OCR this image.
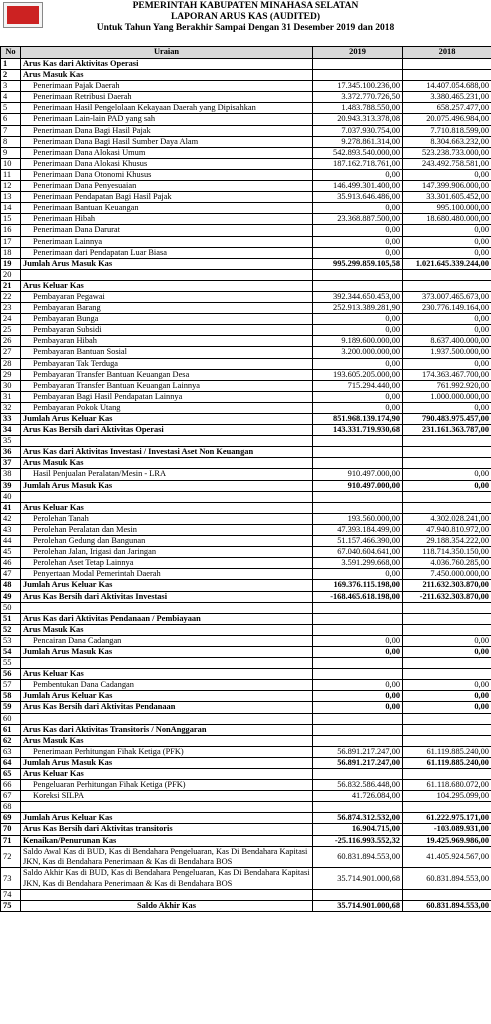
PEMERINTAH KABUPATEN MINAHASA SELATAN
LAPORAN ARUS KAS (AUDITED)
Untuk Tahun Yang Berakhir Sampai Dengan 31 Desember 2019 dan 2018
No	Uraian	2019	2018
1	Arus Kas dari Aktivitas Operasi		
2	Arus Masuk Kas		
3	Penerimaan Pajak Daerah	17.345.100.236,00	14.407.054.688,00
4	Penerimaan Retribusi Daerah	3.372.770.726,50	3.380.465.231,00
5	Penerimaan Hasil Pengelolaan Kekayaan Daerah yang Dipisahkan	1.483.788.550,00	658.257.477,00
6	Penerimaan Lain-lain PAD yang sah	20.943.313.378,08	20.075.496.984,00
7	Penerimaan Dana Bagi Hasil Pajak	7.037.930.754,00	7.710.818.599,00
8	Penerimaan Dana Bagi Hasil Sumber Daya Alam	9.278.861.314,00	8.304.663.232,00
9	Penerimaan Dana Alokasi Umum	542.893.540.000,00	523.238.733.000,00
10	Penerimaan Dana Alokasi Khusus	187.162.718.761,00	243.492.758.581,00
11	Penerimaan Dana Otonomi Khusus	0,00	0,00
12	Penerimaan Dana Penyesuaian	146.499.301.400,00	147.399.906.000,00
13	Penerimaan Pendapatan Bagi Hasil Pajak	35.913.646.486,00	33.301.605.452,00
14	Penerimaan Bantuan Keuangan	0,00	995.100.000,00
15	Penerimaan Hibah	23.368.887.500,00	18.680.480.000,00
16	Penerimaan Dana Darurat	0,00	0,00
17	Penerimaan Lainnya	0,00	0,00
18	Penerimaan dari Pendapatan Luar Biasa	0,00	0,00
19	Jumlah Arus Masuk Kas	995.299.859.105,58	1.021.645.339.244,00
20			
21	Arus Keluar Kas		
22	Pembayaran Pegawai	392.344.650.453,00	373.007.465.673,00
23	Pembayaran Barang	252.913.389.281,90	230.776.149.164,00
24	Pembayaran Bunga	0,00	0,00
25	Pembayaran Subsidi	0,00	0,00
26	Pembayaran Hibah	9.189.600.000,00	8.637.400.000,00
27	Pembayaran Bantuan Sosial	3.200.000.000,00	1.937.500.000,00
28	Pembayaran Tak Terduga	0,00	0,00
29	Pembayaran Transfer Bantuan Keuangan Desa	193.605.205.000,00	174.363.467.700,00
30	Pembayaran Transfer Bantuan Keuangan Lainnya	715.294.440,00	761.992.920,00
31	Pembayaran Bagi Hasil Pendapatan Lainnya	0,00	1.000.000.000,00
32	Pembayaran Pokok Utang	0,00	0,00
33	Jumlah Arus Keluar Kas	851.968.139.174,90	790.483.975.457,00
34	Arus Kas Bersih dari Aktivitas Operasi	143.331.719.930,68	231.161.363.787,00
35			
36	Arus Kas dari Aktivitas Investasi / Investasi Aset Non Keuangan		
37	Arus Masuk Kas		
38	Hasil Penjualan Peralatan/Mesin - LRA	910.497.000,00	0,00
39	Jumlah Arus Masuk Kas	910.497.000,00	0,00
40			
41	Arus Keluar Kas		
42	Perolehan Tanah	193.560.000,00	4.302.028.241,00
43	Perolehan Peralatan dan Mesin	47.393.184.499,00	47.940.810.972,00
44	Perolehan Gedung dan Bangunan	51.157.466.390,00	29.188.354.222,00
45	Perolehan Jalan, Irigasi dan Jaringan	67.040.604.641,00	118.714.350.150,00
46	Perolehan Aset Tetap Lainnya	3.591.299.668,00	4.036.760.285,00
47	Penyertaan Modal Pemerintah Daerah	0,00	7.450.000.000,00
48	Jumlah Arus Keluar Kas	169.376.115.198,00	211.632.303.870,00
49	Arus Kas Bersih dari Aktivitas Investasi	-168.465.618.198,00	-211.632.303.870,00
50			
51	Arus Kas dari Aktivitas Pendanaan / Pembiayaan		
52	Arus Masuk Kas		
53	Pencairan Dana Cadangan	0,00	0,00
54	Jumlah Arus Masuk Kas	0,00	0,00
55			
56	Arus Keluar Kas		
57	Pembentukan Dana Cadangan	0,00	0,00
58	Jumlah Arus Keluar Kas	0,00	0,00
59	Arus Kas Bersih dari Aktivitas Pendanaan	0,00	0,00
60			
61	Arus Kas dari Aktivitas Transitoris / NonAnggaran		
62	Arus Masuk Kas		
63	Penerimaan Perhitungan Fihak Ketiga (PFK)	56.891.217.247,00	61.119.885.240,00
64	Jumlah Arus Masuk Kas	56.891.217.247,00	61.119.885.240,00
65	Arus Keluar Kas		
66	Pengeluaran Perhitungan Fihak Ketiga (PFK)	56.832.586.448,00	61.118.680.072,00
67	Koreksi SILPA	41.726.084,00	104.295.099,00
68			
69	Jumlah Arus Keluar Kas	56.874.312.532,00	61.222.975.171,00
70	Arus Kas Bersih dari Aktivitas transitoris	16.904.715,00	-103.089.931,00
71	Kenaikan/Penurunan Kas	-25.116.993.552,32	19.425.969.986,00
72	Saldo Awal Kas di BUD, Kas di Bendahara Pengeluaran, Kas Di Bendahara Kapitasi JKN, Kas di Bendahara Penerimaan & Kas di Bendahara BOS	60.831.894.553,00	41.405.924.567,00
73	Saldo Akhir Kas di BUD, Kas di Bendahara Pengeluaran, Kas Di Bendahara Kapitasi JKN, Kas di Bendahara Penerimaan & Kas di Bendahara BOS	35.714.901.000,68	60.831.894.553,00
74			
75	Saldo Akhir Kas	35.714.901.000,68	60.831.894.553,00
